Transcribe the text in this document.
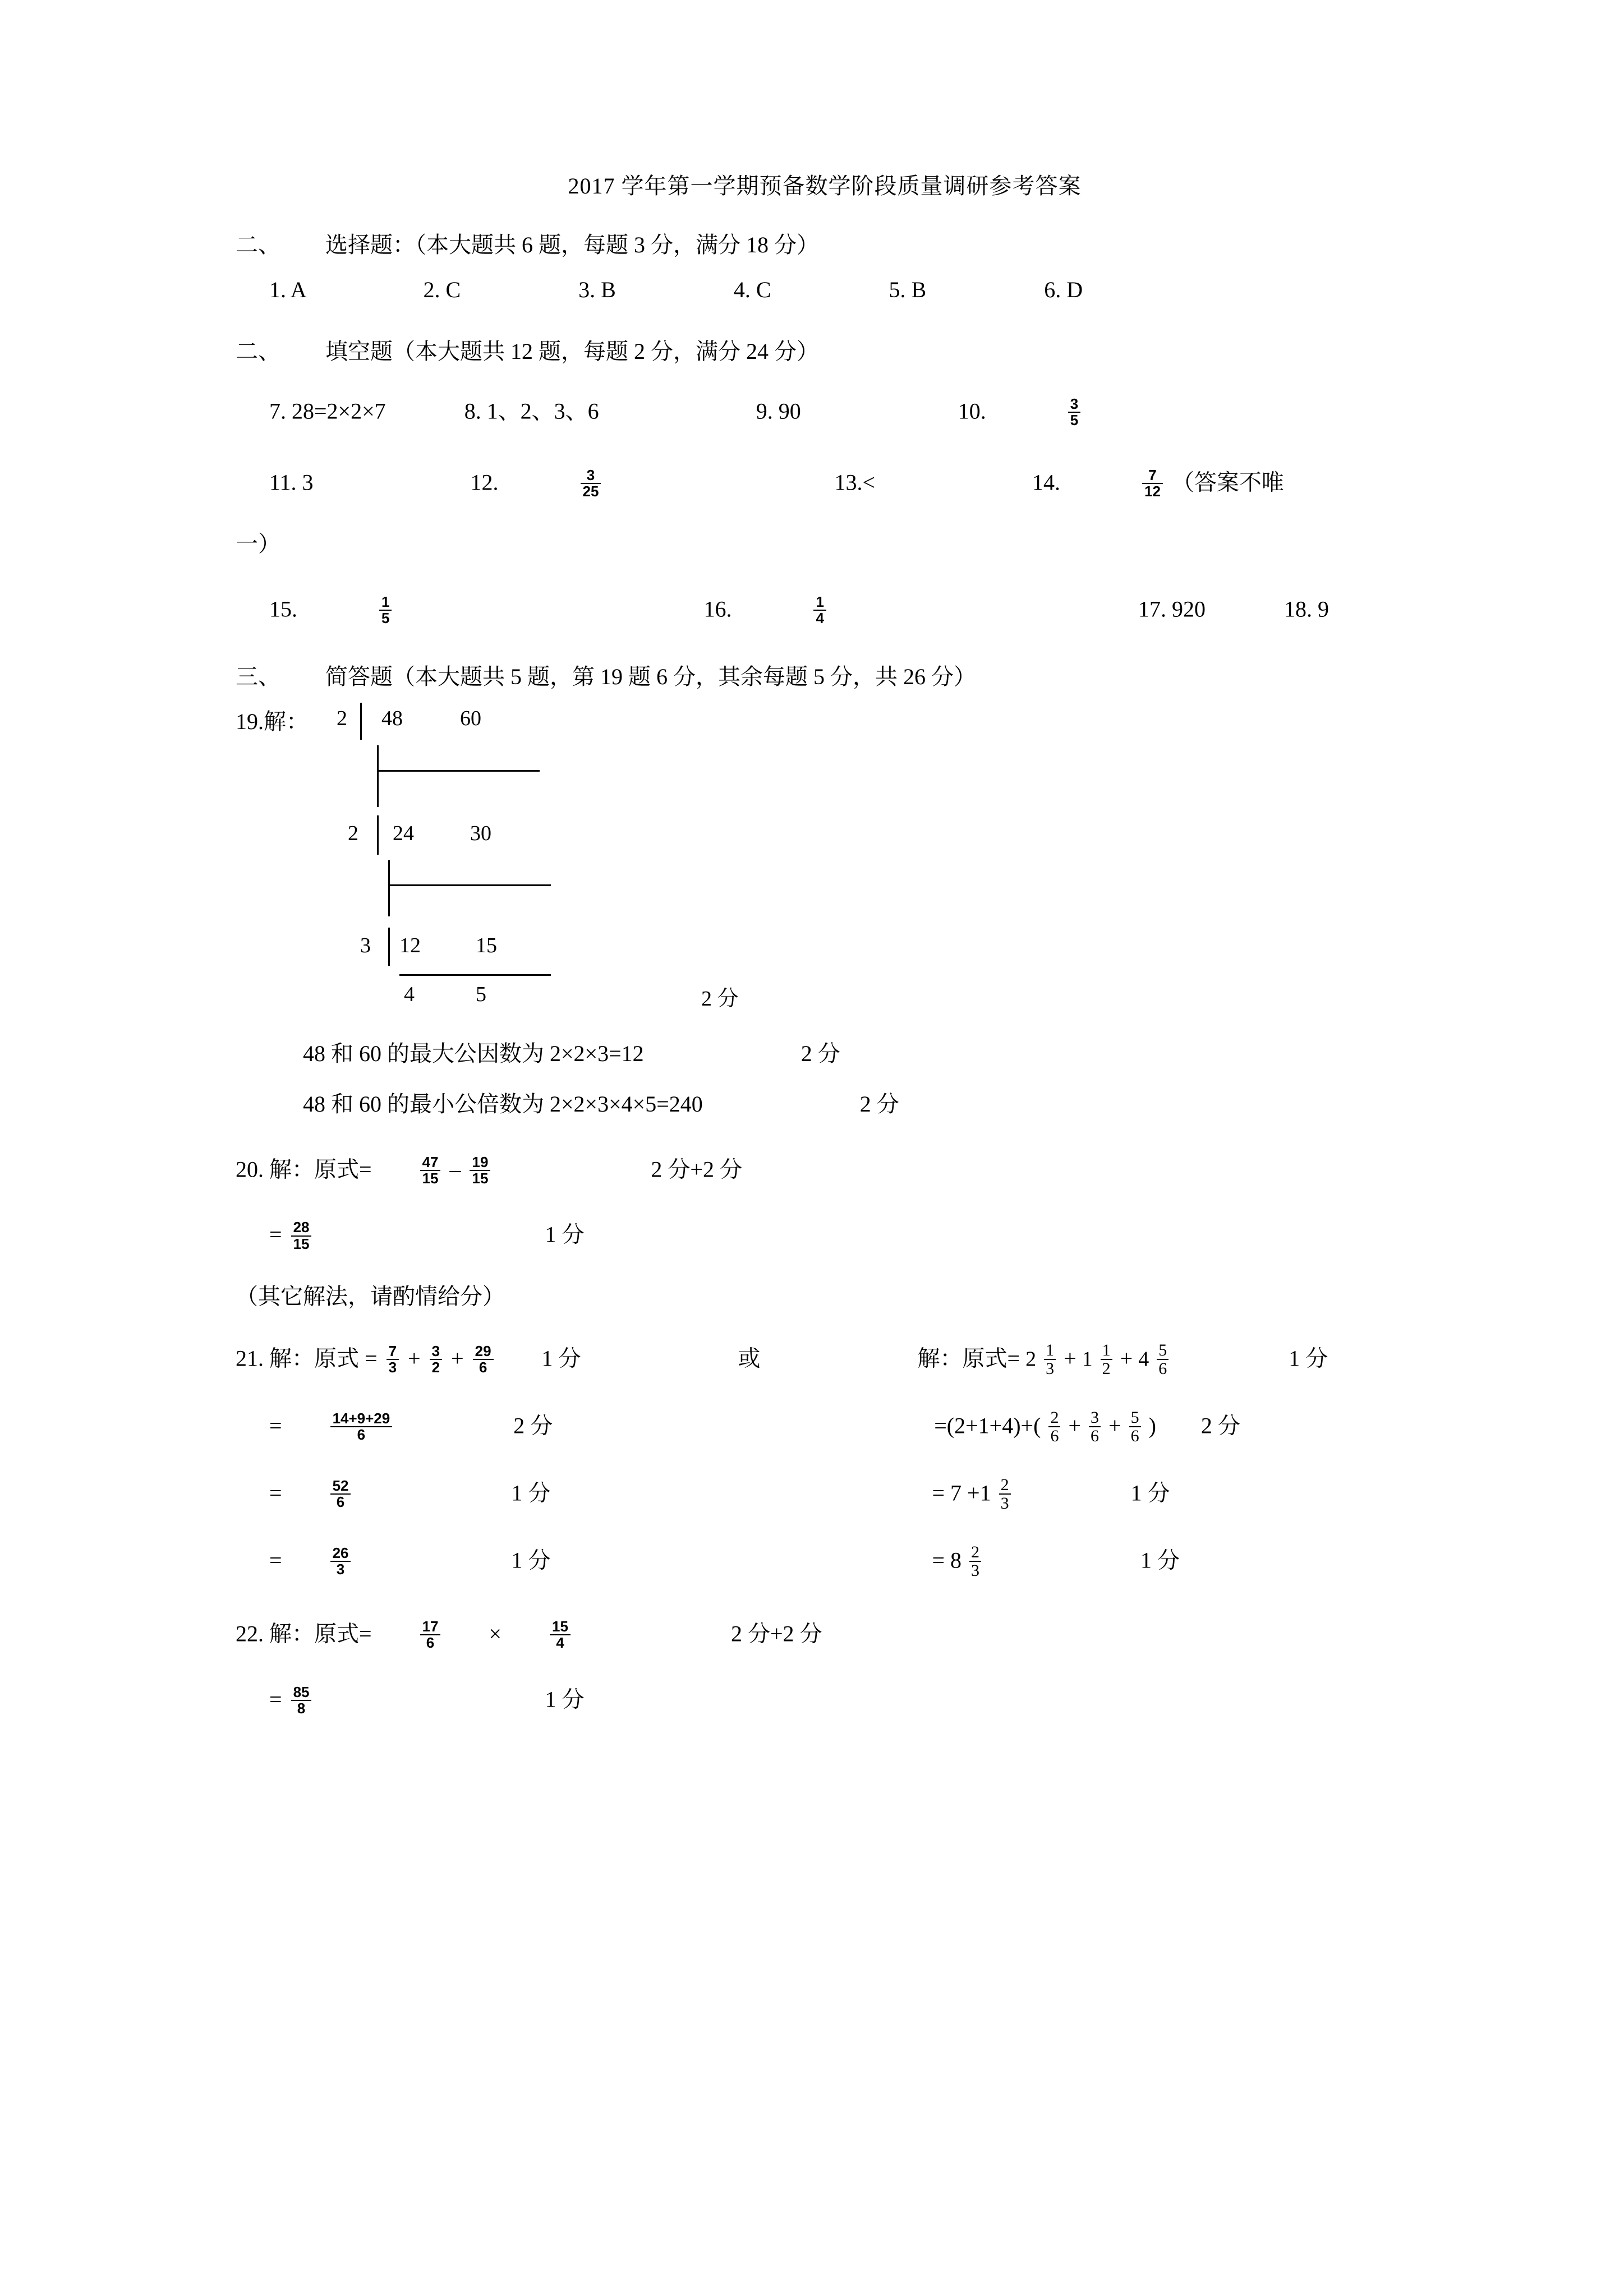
2017 学年第一学期预备数学阶段质量调研参考答案
二、 选择题：（本大题共 6 题，每题 3 分，满分 18 分）
1. A	2. C	3. B	4. C	5. B	6. D
二、 填空题（本大题共 12 题，每题 2 分，满分 24 分）
7. 28=2×2×7	8. 1、2、3、6	9. 90	10.	$\frac{3}{5}$
11. 3	12.	$\frac{3}{25}$	13.<	14.	$\frac{7}{12}$ （答案不唯
一）
15.	$\frac{1}{5}$	16.	$\frac{1}{4}$	17. 920	18. 9
三、 简答题（本大题共 5 题，第 19 题 6 分，其余每题 5 分，共 26 分）
19.解：	2 48	60
2 24	30
3 12	15
4	5	2 分
48 和 60 的最大公因数为 2×2×3=12	2 分
48 和 60 的最小公倍数为 2×2×3×4×5=240	2 分
20. 解：原式=	$\frac{47}{15} - \frac{19}{15}$	2 分+2 分
= $\frac{28}{15}$	1 分
（其它解法，请酌情给分）
21. 解：原式 = $\frac{7}{3} + \frac{3}{2} + \frac{29}{6} 1$ 分	或	解：原式= $2 \frac{1}{3} + 1 \frac{1}{2} + 4 \frac{5}{6}$	1 分
=	$\frac{14+9+29}{6}$	2 分	$=(2+1+4)+( \frac{2}{6} + \frac{3}{6} + \frac{5}{6}$ ) 2 分
=	$\frac{52}{6}$	1 分	= $7 +1 \frac{2}{3}$	1 分
=	$\frac{26}{3}$	1 分	= $8 \frac{2}{3}$	1 分
22. 解：原式=	$\frac{17}{6}$ ×	$\frac{15}{4}$	2 分+2 分
= $\frac{85}{8}$	1 分
